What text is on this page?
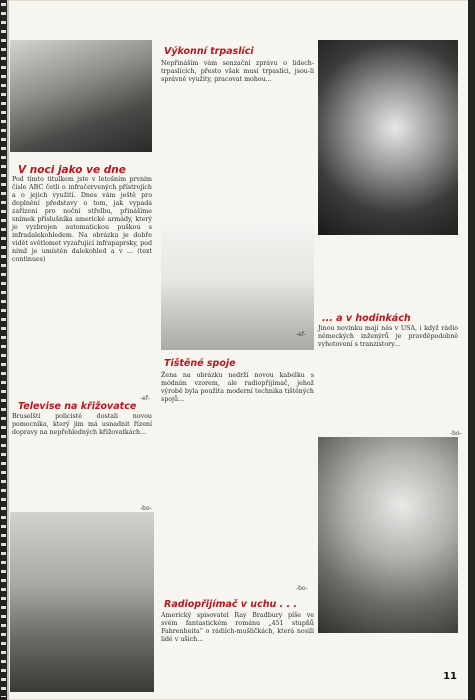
V noci jako ve dne
Pod tímto titulkem jste v letošním prvním čísle ABC četli o infračervených přístrojích a o jejich využití. Dnes vám ještě pro doplnění představy o tom, jak vypadá zařízení pro noční střelbu, přinášíme snímek příslušníka americké armády, který je vyzbrojen automatickou puškou s infradalekohledem. Na obrázku je dobře vidět světlomet vyzařující infrapaprsky, pod nímž je umístěn dalekohled a v ... (text continues)
-ef-
Výkonní trpaslíci
Nepřináším vám senzační zprávu o lidech-trpaslících, přesto však musí trpaslíci, jsou-li správně využity, pracovat mohou...
-ef-
... a v hodinkách
Jinou novinku mají nás v USA, i když rádio německých inženýrů je pravděpodobně vyhotovení s tranzistory...
-bo-
Televise na křižovatce
Bruselští policisté dostali novou pomocníka, který jim má usnadnit řízení dopravy na nepřehledných křižovatkách...
-bo-
Tištěné spoje
Žena na obrázku nedrží novou kabelku s módním vzorem, ale radiopřijímač, jehož výrobě byla použita moderní technika tištěných spojů...
-bo-
Radiopřijímač v uchu . . .
Americký spisovatel Ray Bradbury píše ve svém fantastickém románu „451 stupňů Fahrenheita“ o rádiích-mušličkách, která nosili lidé v uších...
11
